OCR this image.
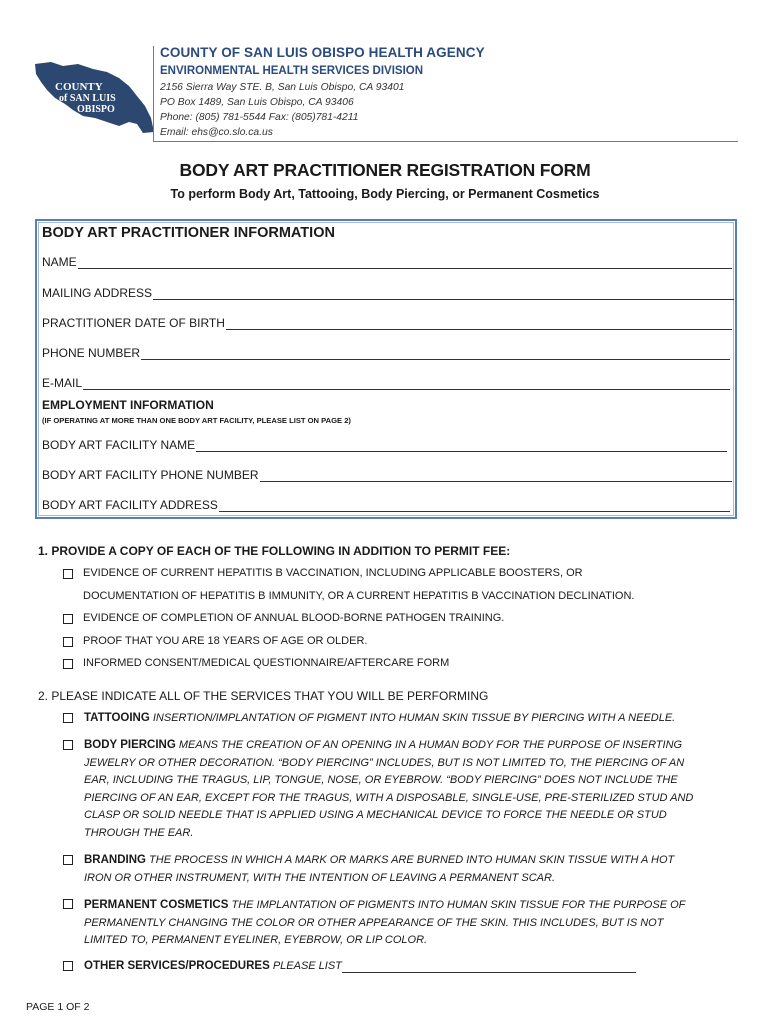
COUNTY
of SAN LUIS
OBISPO
COUNTY OF SAN LUIS OBISPO HEALTH AGENCY
ENVIRONMENTAL HEALTH SERVICES DIVISION
2156 Sierra Way STE. B, San Luis Obispo, CA 93401
PO Box 1489, San Luis Obispo, CA 93406
Phone: (805) 781-5544 Fax: (805)781-4211
Email: ehs@co.slo.ca.us
BODY ART PRACTITIONER REGISTRATION FORM
To perform Body Art, Tattooing, Body Piercing, or Permanent Cosmetics
BODY ART PRACTITIONER INFORMATION
NAME
MAILING ADDRESS
PRACTITIONER DATE OF BIRTH
PHONE NUMBER
E-MAIL
EMPLOYMENT INFORMATION
(IF OPERATING AT MORE THAN ONE BODY ART FACILITY, PLEASE LIST ON PAGE 2)
BODY ART FACILITY NAME
BODY ART FACILITY PHONE NUMBER
BODY ART FACILITY ADDRESS
1. PROVIDE A COPY OF EACH OF THE FOLLOWING IN ADDITION TO PERMIT FEE:
EVIDENCE OF CURRENT HEPATITIS B VACCINATION, INCLUDING APPLICABLE BOOSTERS, OR
DOCUMENTATION OF HEPATITIS B IMMUNITY, OR A CURRENT HEPATITIS B VACCINATION DECLINATION.
EVIDENCE OF COMPLETION OF ANNUAL BLOOD-BORNE PATHOGEN TRAINING.
PROOF THAT YOU ARE 18 YEARS OF AGE OR OLDER.
INFORMED CONSENT/MEDICAL QUESTIONNAIRE/AFTERCARE FORM
2. PLEASE INDICATE ALL OF THE SERVICES THAT YOU WILL BE PERFORMING
TATTOOING INSERTION/IMPLANTATION OF PIGMENT INTO HUMAN SKIN TISSUE BY PIERCING WITH A NEEDLE.
BODY PIERCING MEANS THE CREATION OF AN OPENING IN A HUMAN BODY FOR THE PURPOSE OF INSERTING
JEWELRY OR OTHER DECORATION. “BODY PIERCING” INCLUDES, BUT IS NOT LIMITED TO, THE PIERCING OF AN
EAR, INCLUDING THE TRAGUS, LIP, TONGUE, NOSE, OR EYEBROW. “BODY PIERCING” DOES NOT INCLUDE THE
PIERCING OF AN EAR, EXCEPT FOR THE TRAGUS, WITH A DISPOSABLE, SINGLE-USE, PRE-STERILIZED STUD AND
CLASP OR SOLID NEEDLE THAT IS APPLIED USING A MECHANICAL DEVICE TO FORCE THE NEEDLE OR STUD
THROUGH THE EAR.
BRANDING THE PROCESS IN WHICH A MARK OR MARKS ARE BURNED INTO HUMAN SKIN TISSUE WITH A HOT
IRON OR OTHER INSTRUMENT, WITH THE INTENTION OF LEAVING A PERMANENT SCAR.
PERMANENT COSMETICS THE IMPLANTATION OF PIGMENTS INTO HUMAN SKIN TISSUE FOR THE PURPOSE OF
PERMANENTLY CHANGING THE COLOR OR OTHER APPEARANCE OF THE SKIN. THIS INCLUDES, BUT IS NOT
LIMITED TO, PERMANENT EYELINER, EYEBROW, OR LIP COLOR.
OTHER SERVICES/PROCEDURES
PLEASE LIST
PAGE 1 OF 2
